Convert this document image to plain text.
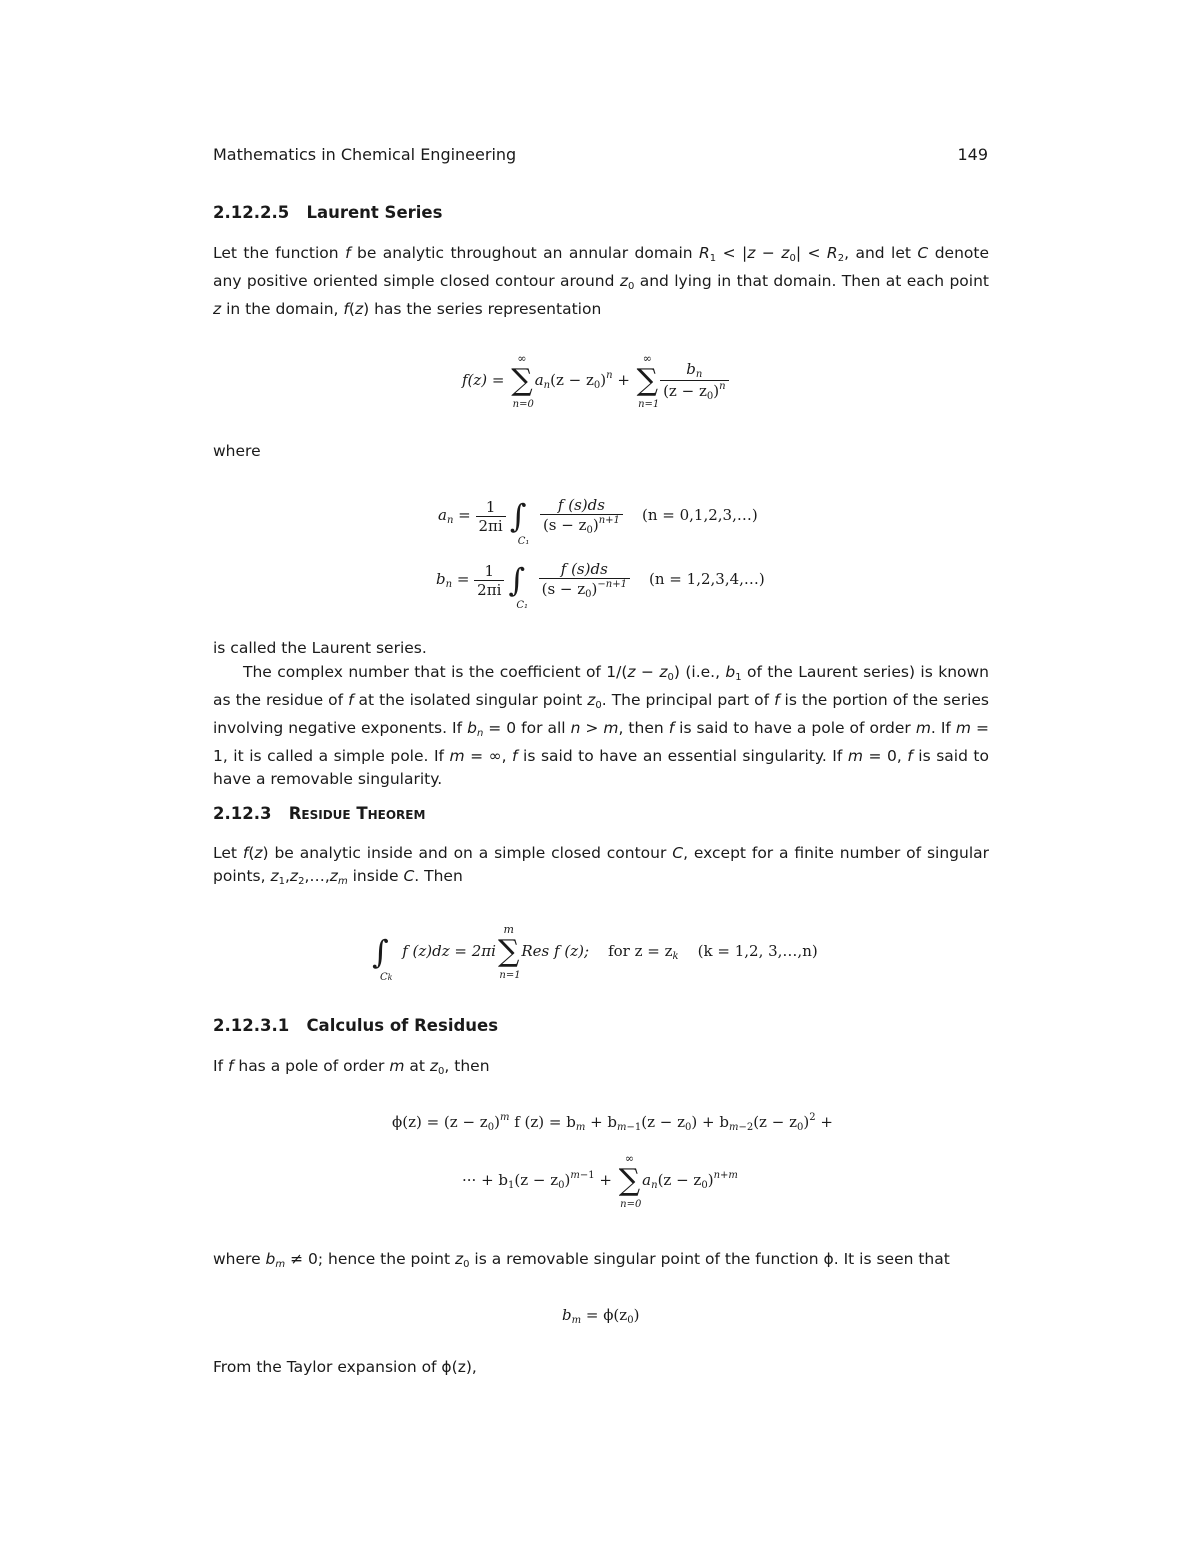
Mathematics in Chemical Engineering	149
2.12.2.5 Laurent Series
Let the function f be analytic throughout an annular domain $R_1 < |z - z_0| < R_2$, and let C denote any positive oriented simple closed contour around $z_0$ and lying in that domain. Then at each point z in the domain, f(z) has the series representation
f(z) = ∑
∞
n=0
$a_n(z - z_0)^n$ + ∑
∞
n=1
$\frac{b_n}{(z - z_0)^n}$
where
$a_n = \frac{1}{2\pi i}$ ∫
C₁

$\frac{f (s)ds}{(s - z_0)^{n+1}} (n$ = 0,1,2,3,…)
$b_n = \frac{1}{2\pi i}$ ∫
C₁

$\frac{f (s)ds}{(s - z_0)^{-n+1}} (n$ = 1,2,3,4,…)
is called the Laurent series.
The complex number that is the coefficient of $1/(z - z_0)$ (i.e., $b_1$ of the Laurent series) is known as the residue of f at the isolated singular point $z_0$. The principal part of f is the portion of the series involving negative exponents. If $b_n = 0$ for all n > m, then f is said to have a pole of order m. If m = 1, it is called a simple pole. If m = ∞, f is said to have an essential singularity. If m = 0, f is said to have a removable singularity.
2.12.3 Residue Theorem
Let f(z) be analytic inside and on a simple closed contour C, except for a finite number of singular points, $z_1,z_2,\dots,z_m$ inside C. Then
∫
Ck
f (z)dz = 2πi∑
m
n=1
Res f (z); for $z = z_k$ (k = 1,2, 3,…,n)
2.12.3.1 Calculus of Residues
If f has a pole of order m at $z_0$, then
$\phi(z) = (z - z_0)^m$ f $(z) = b_m + b_{m-1}(z - z_0) + b_{m-2}(z - z_0)^2$ +
··· + $b_1(z - z_0)^{m-1}$ + ∑
∞
n=0
$a_n(z - z_0)^{n+m}$
where $b_m \ne 0$; hence the point $z_0$ is a removable singular point of the function ϕ. It is seen that
$b_m = \phi(z_0)$
From the Taylor expansion of ϕ(z),
